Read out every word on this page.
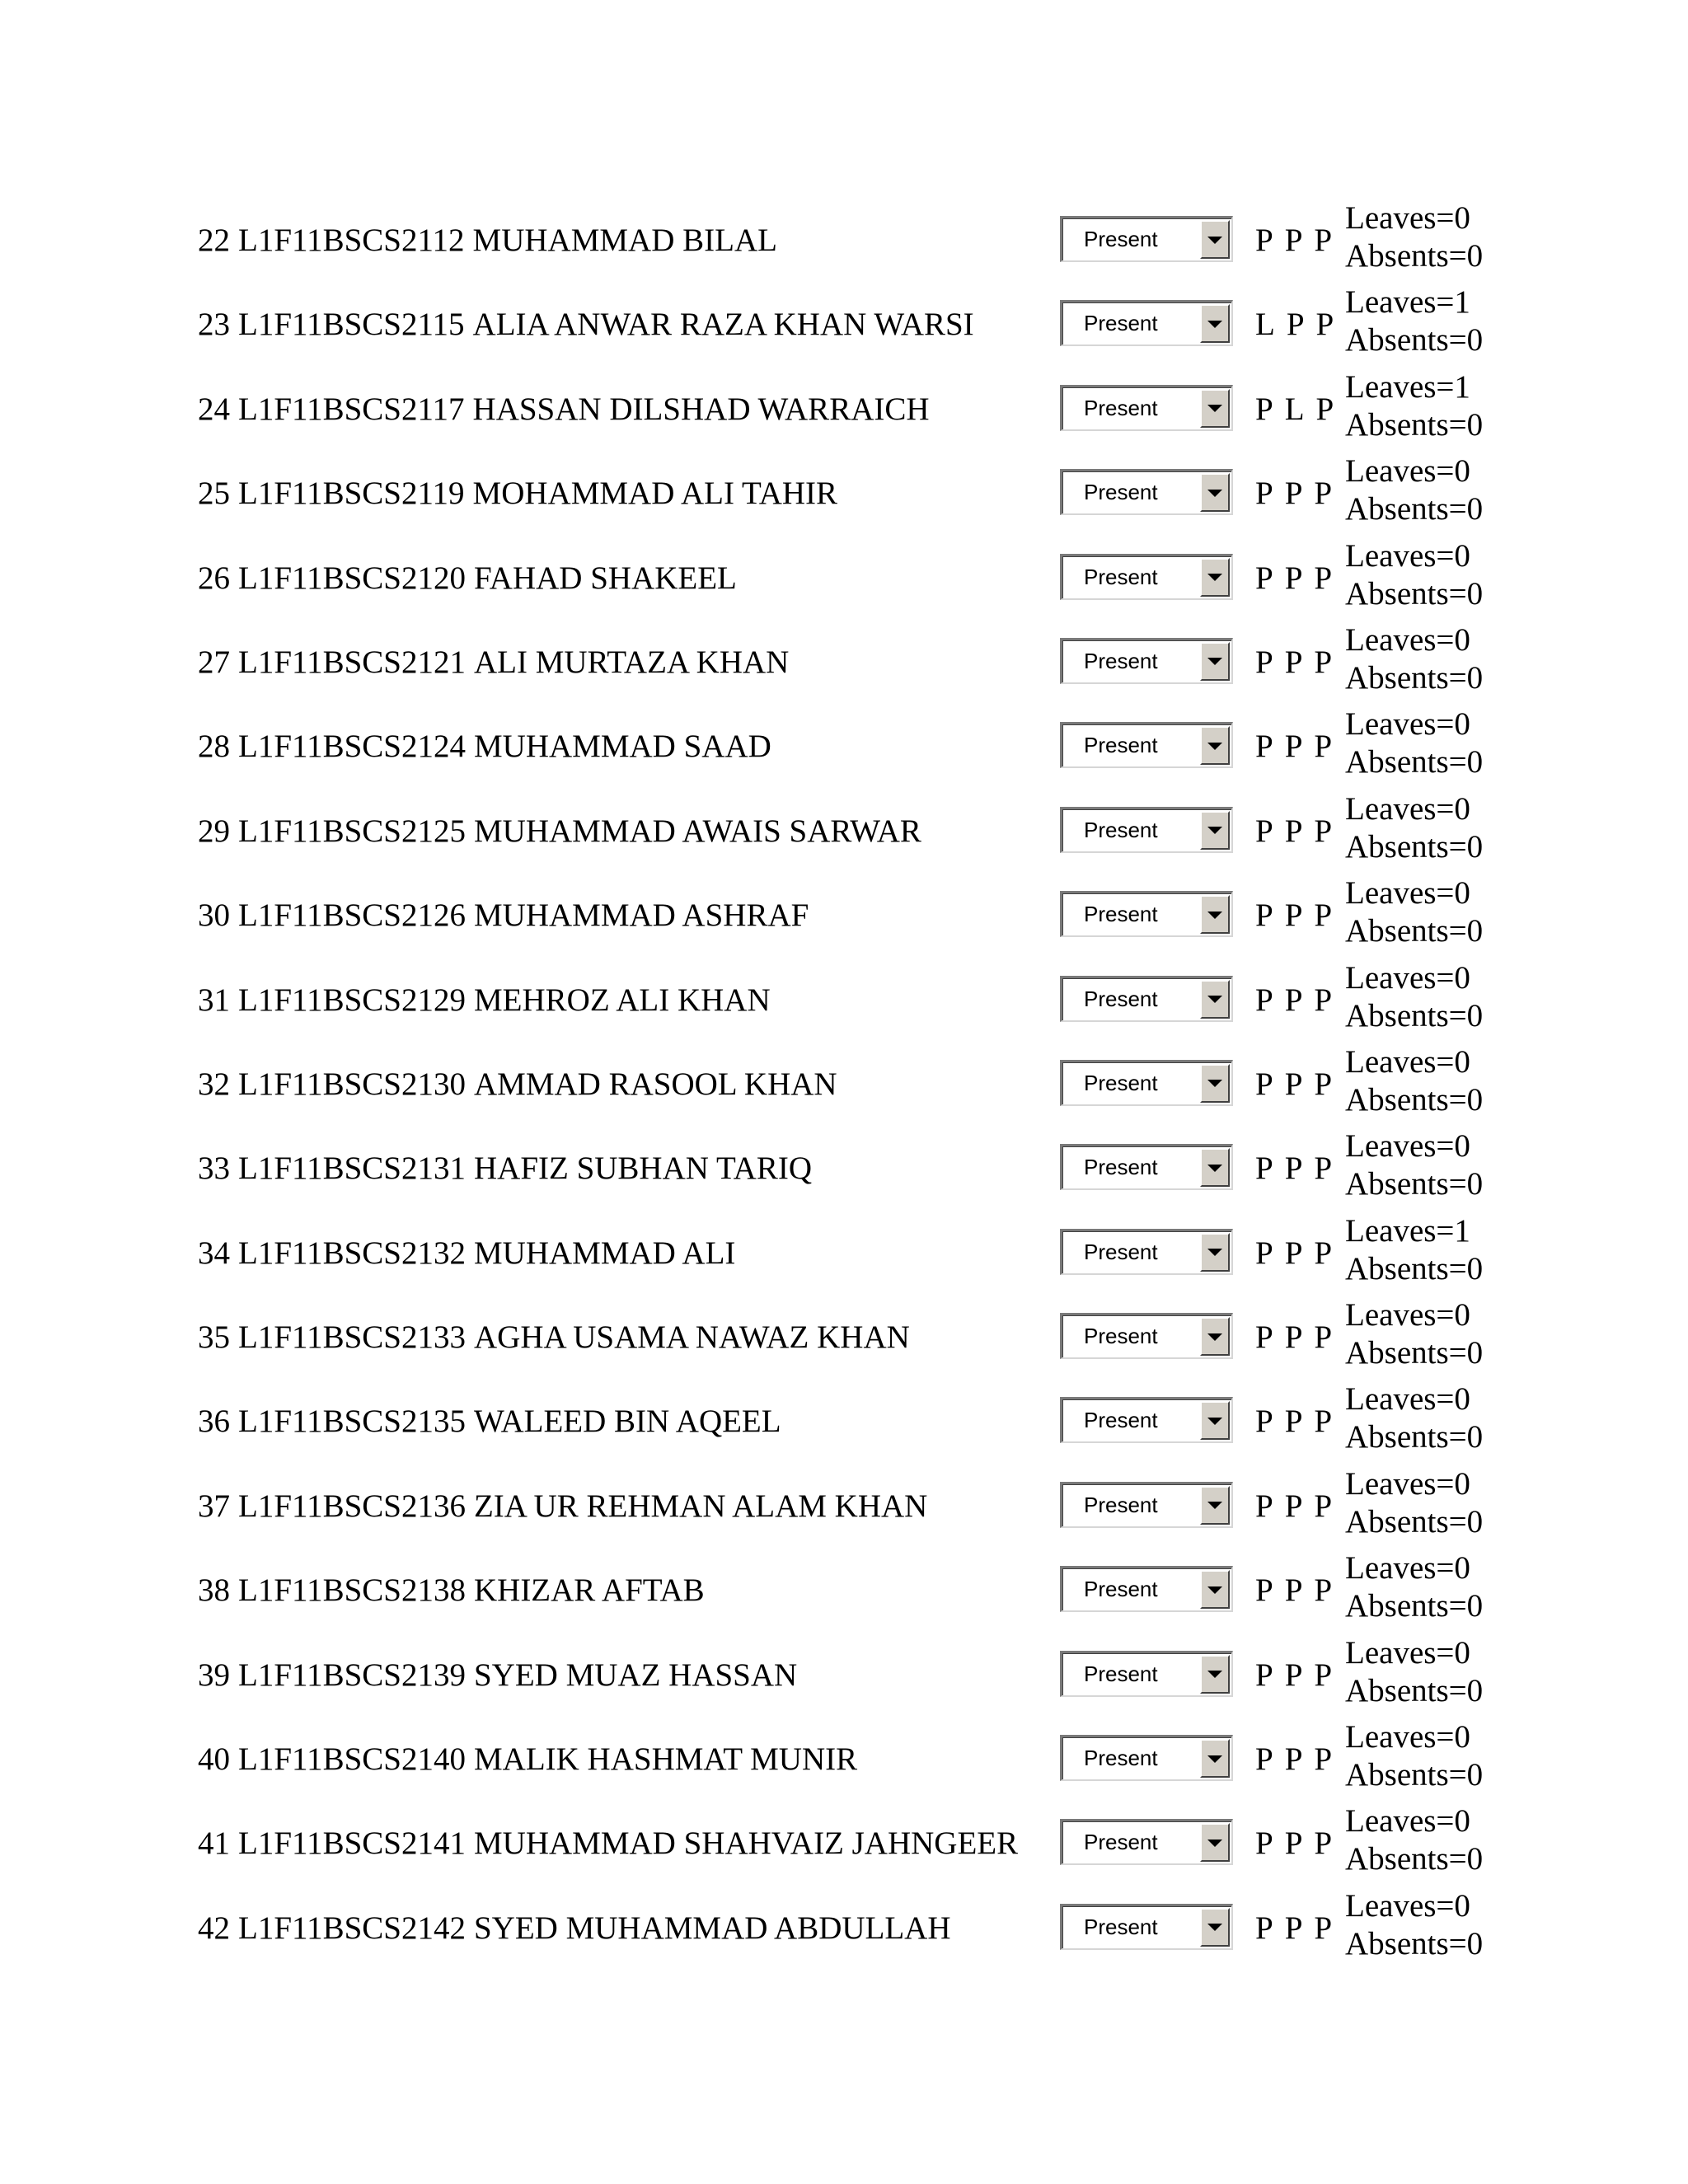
22 L1F11BSCS2112 MUHAMMAD BILAL	Present	P P P
Leaves=0
Absents=0
23 L1F11BSCS2115 ALIA ANWAR RAZA KHAN WARSI	Present	L P P
Leaves=1
Absents=0
24 L1F11BSCS2117 HASSAN DILSHAD WARRAICH	Present	P L P
Leaves=1
Absents=0
25 L1F11BSCS2119 MOHAMMAD ALI TAHIR	Present	P P P
Leaves=0
Absents=0
26 L1F11BSCS2120 FAHAD SHAKEEL	Present	P P P
Leaves=0
Absents=0
27 L1F11BSCS2121 ALI MURTAZA KHAN	Present	P P P
Leaves=0
Absents=0
28 L1F11BSCS2124 MUHAMMAD SAAD	Present	P P P
Leaves=0
Absents=0
29 L1F11BSCS2125 MUHAMMAD AWAIS SARWAR	Present	P P P
Leaves=0
Absents=0
30 L1F11BSCS2126 MUHAMMAD ASHRAF	Present	P P P
Leaves=0
Absents=0
31 L1F11BSCS2129 MEHROZ ALI KHAN	Present	P P P
Leaves=0
Absents=0
32 L1F11BSCS2130 AMMAD RASOOL KHAN	Present	P P P
Leaves=0
Absents=0
33 L1F11BSCS2131 HAFIZ SUBHAN TARIQ	Present	P P P
Leaves=0
Absents=0
34 L1F11BSCS2132 MUHAMMAD ALI	Present	P P P
Leaves=1
Absents=0
35 L1F11BSCS2133 AGHA USAMA NAWAZ KHAN	Present	P P P
Leaves=0
Absents=0
36 L1F11BSCS2135 WALEED BIN AQEEL	Present	P P P
Leaves=0
Absents=0
37 L1F11BSCS2136 ZIA UR REHMAN ALAM KHAN	Present	P P P
Leaves=0
Absents=0
38 L1F11BSCS2138 KHIZAR AFTAB	Present	P P P
Leaves=0
Absents=0
39 L1F11BSCS2139 SYED MUAZ HASSAN	Present	P P P
Leaves=0
Absents=0
40 L1F11BSCS2140 MALIK HASHMAT MUNIR	Present	P P P
Leaves=0
Absents=0
41 L1F11BSCS2141 MUHAMMAD SHAHVAIZ JAHNGEER	Present	P P P
Leaves=0
Absents=0
42 L1F11BSCS2142 SYED MUHAMMAD ABDULLAH	Present	P P P
Leaves=0
Absents=0
